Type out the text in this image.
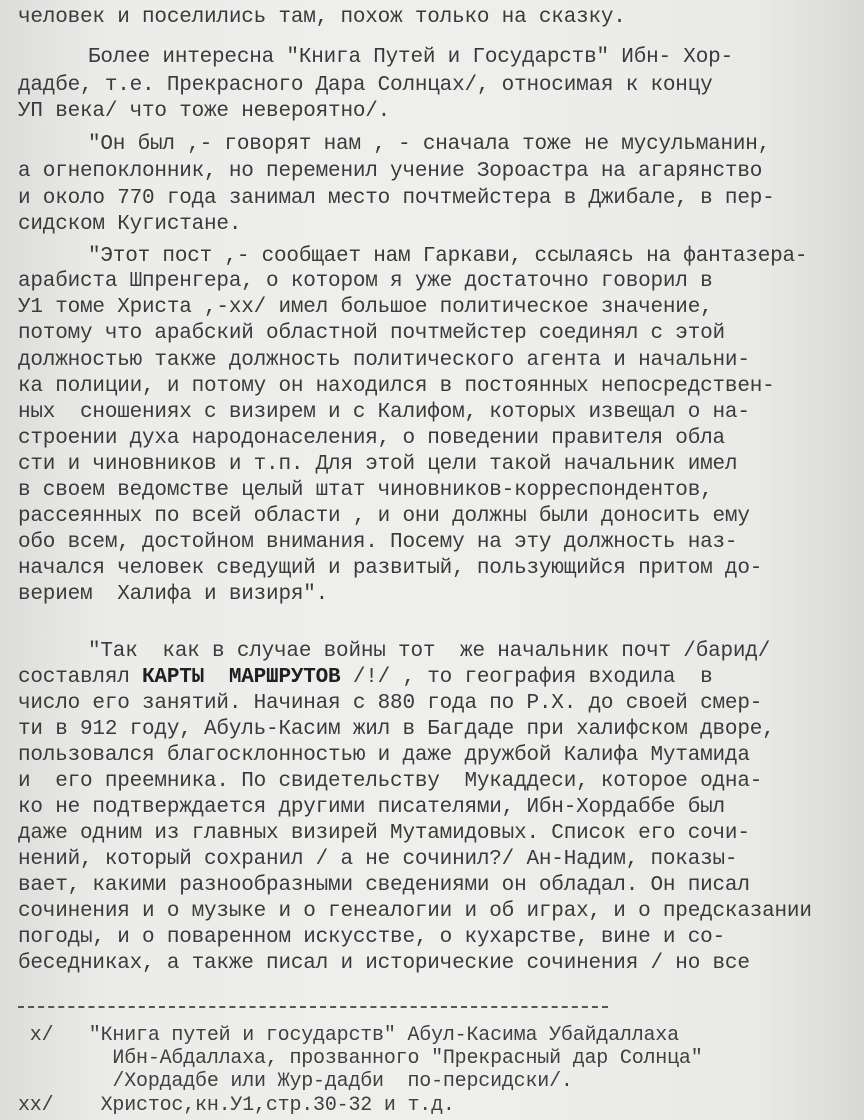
человек и поселились там, похож только на сказку.
Более интересна "Книга Путей и Государств" Ибн- Хор-
дадбе, т.е. Прекрасного Дара Солнцах/, относимая к концу
УП века/ что тоже невероятно/.
"Он был ,- говорят нам , - сначала тоже не мусульманин,
а огнепоклонник, но переменил учение Зороастра на агарянство
и около 770 года занимал место почтмейстера в Джибале, в пер-
сидском Кугистане.
"Этот пост ,- сообщает нам Гаркави, ссылаясь на фантазера-
арабиста Шпренгера, о котором я уже достаточно говорил в
У1 томе Христа ,-хх/ имел большое политическое значение,
потому что арабский областной почтмейстер соединял с этой
должностью также должность политического агента и начальни-
ка полиции, и потому он находился в постоянных непосредствен-
ных  сношениях с визирем и с Калифом, которых извещал о на-
строении духа народонаселения, о поведении правителя обла
сти и чиновников и т.п. Для этой цели такой начальник имел
в своем ведомстве целый штат чиновников-корреспондентов,
рассеянных по всей области , и они должны были доносить ему
обо всем, достойном внимания. Посему на эту должность наз-
начался человек сведущий и развитый, пользующийся притом до-
верием  Халифа и визиря".
"Так  как в случае войны тот  же начальник почт /барид/
составлял КАРТЫ  МАРШРУТОВ /!/ , то география входила  в
число его занятий. Начиная с 880 года по Р.Х. до своей смер-
ти в 912 году, Абуль-Касим жил в Багдаде при халифском дворе,
пользовался благосклонностью и даже дружбой Калифа Мутамида
и  его преемника. По свидетельству  Мукаддеси, которое одна-
ко не подтверждается другими писателями, Ибн-Хордаббе был
даже одним из главных визирей Мутамидовых. Список его сочи-
нений, который сохранил / а не сочинил?/ Ан-Надим, показы-
вает, какими разнообразными сведениями он обладал. Он писал
сочинения и о музыке и о генеалогии и об играх, и о предсказании
погоды, и о поваренном искусстве, о кухарстве, вине и со-
беседниках, а также писал и исторические сочинения / но все
х/   "Книга путей и государств" Абул-Касима Убайдаллаха
Ибн-Абдаллаха, прозванного "Прекрасный дар Солнца"
/Хордадбе или Жур-дадби  по-персидски/.
хх/    Христос,кн.У1,стр.30-32 и т.д.
